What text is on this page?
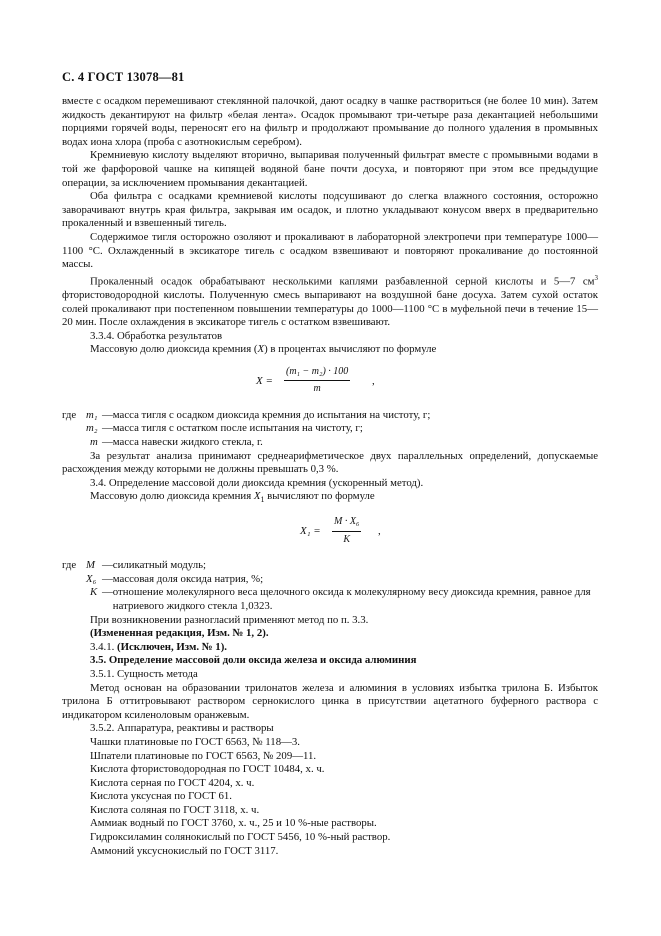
С. 4 ГОСТ 13078—81

вместе с осадком перемешивают стеклянной палочкой, дают осадку в чашке раствориться (не более 10 мин). Затем жидкость декантируют на фильтр «белая лента». Осадок промывают три-четыре раза декантацией небольшими порциями горячей воды, переносят его на фильтр и продолжают промывание до полного удаления в промывных водах иона хлора (проба с азотнокислым серебром).

Кремниевую кислоту выделяют вторично, выпаривая полученный фильтрат вместе с промывными водами в той же фарфоровой чашке на кипящей водяной бане почти досуха, и повторяют при этом все предыдущие операции, за исключением промывания декантацией.

Оба фильтра с осадками кремниевой кислоты подсушивают до слегка влажного состояния, осторожно заворачивают внутрь края фильтра, закрывая им осадок, и плотно укладывают конусом вверх в предварительно прокаленный и взвешенный тигель.

Содержимое тигля осторожно озоляют и прокаливают в лабораторной электропечи при температуре 1000—1100 °С. Охлажденный в эксикаторе тигель с осадком взвешивают и повторяют прокаливание до постоянной массы.

Прокаленный осадок обрабатывают несколькими каплями разбавленной серной кислоты и 5—7 $см^3$ фтористоводородной кислоты. Полученную смесь выпаривают на воздушной бане досуха. Затем сухой остаток солей прокаливают при постепенном повышении температуры до 1000—1100 °С в муфельной печи в течение 15—20 мин. После охлаждения в эксикаторе тигель с остатком взвешивают.

3.3.4. Обработка результатов

Массовую долю диоксида кремния (X) в процентах вычисляют по формуле

$X = \frac{\text{(m₁ − m₂) · 100}}{m}$ ,
где m₁ — масса тигля с осадком диоксида кремния до испытания на чистоту, г;
m₂ — масса тигля с остатком после испытания на чистоту, г;
m — масса навески жидкого стекла, г.

За результат анализа принимают среднеарифметическое двух параллельных определений, допускаемые расхождения между которыми не должны превышать 0,3 %.

3.4. Определение массовой доли диоксида кремния (ускоренный метод).

Массовую долю диоксида кремния $X_1$ вычисляют по формуле

$X_1 = \frac{\text{M · X₆}}{K}$ ,
где M — силикатный модуль;
X₆ — массовая доля оксида натрия, %;
K — отношение молекулярного веса щелочного оксида к молекулярному весу диоксида кремния, равное для натриевого жидкого стекла 1,0323.

При возникновении разногласий применяют метод по п. 3.3.

(Измененная редакция, Изм. № 1, 2).

3.4.1. (Исключен, Изм. № 1).

3.5. Определение массовой доли оксида железа и оксида алюминия

3.5.1. Сущность метода

Метод основан на образовании трилонатов железа и алюминия в условиях избытка трилона Б. Избыток трилона Б оттитровывают раствором сернокислого цинка в присутствии ацетатного буферного раствора с индикатором ксиленоловым оранжевым.

3.5.2. Аппаратура, реактивы и растворы

Чашки платиновые по ГОСТ 6563, № 118—3.

Шпатели платиновые по ГОСТ 6563, № 209—11.

Кислота фтористоводородная по ГОСТ 10484, х. ч.

Кислота серная по ГОСТ 4204, х. ч.

Кислота уксусная по ГОСТ 61.

Кислота соляная по ГОСТ 3118, х. ч.

Аммиак водный по ГОСТ 3760, х. ч., 25 и 10 %-ные растворы.

Гидроксиламин солянокислый по ГОСТ 5456, 10 %-ный раствор.

Аммоний уксуснокислый по ГОСТ 3117.
